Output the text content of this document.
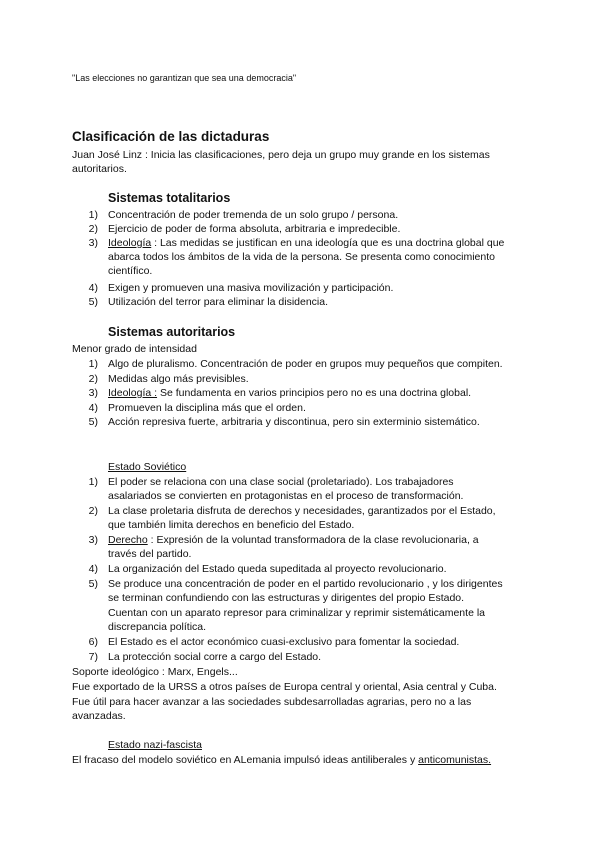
"Las elecciones no garantizan que sea una democracia"
Clasificación de las dictaduras
Juan José Linz : Inicia las clasificaciones, pero deja un grupo muy grande en los sistemas
autoritarios.
Sistemas totalitarios
1) Concentración de poder tremenda de un solo grupo / persona.
2) Ejercicio de poder de forma absoluta, arbitraria e impredecible.
3) Ideología : Las medidas se justifican en una ideología que es una doctrina global que
abarca todos los ámbitos de la vida de la persona. Se presenta como conocimiento
científico.
4) Exigen y promueven una masiva movilización y participación.
5) Utilización del terror para eliminar la disidencia.
Sistemas autoritarios
Menor grado de intensidad
1) Algo de pluralismo. Concentración de poder en grupos muy pequeños que compiten.
2) Medidas algo más previsibles.
3) Ideología : Se fundamenta en varios principios pero no es una doctrina global.
4) Promueven la disciplina más que el orden.
5) Acción represiva fuerte, arbitraria y discontinua, pero sin exterminio sistemático.
Estado Soviético
1) El poder se relaciona con una clase social (proletariado). Los trabajadores
asalariados se convierten en protagonistas en el proceso de transformación.
2) La clase proletaria disfruta de derechos y necesidades, garantizados por el Estado,
que también limita derechos en beneficio del Estado.
3) Derecho : Expresión de la voluntad transformadora de la clase revolucionaria, a
través del partido.
4) La organización del Estado queda supeditada al proyecto revolucionario.
5) Se produce una concentración de poder en el partido revolucionario , y los dirigentes
se terminan confundiendo con las estructuras y dirigentes del propio Estado.
Cuentan con un aparato represor para criminalizar y reprimir sistemáticamente la
discrepancia política.
6) El Estado es el actor económico cuasi-exclusivo para fomentar la sociedad.
7) La protección social corre a cargo del Estado.
Soporte ideológico : Marx, Engels...
Fue exportado de la URSS a otros países de Europa central y oriental, Asia central y Cuba.
Fue útil para hacer avanzar a las sociedades subdesarrolladas agrarias, pero no a las
avanzadas.
Estado nazi-fascista
El fracaso del modelo soviético en ALemania impulsó ideas antiliberales y anticomunistas.
